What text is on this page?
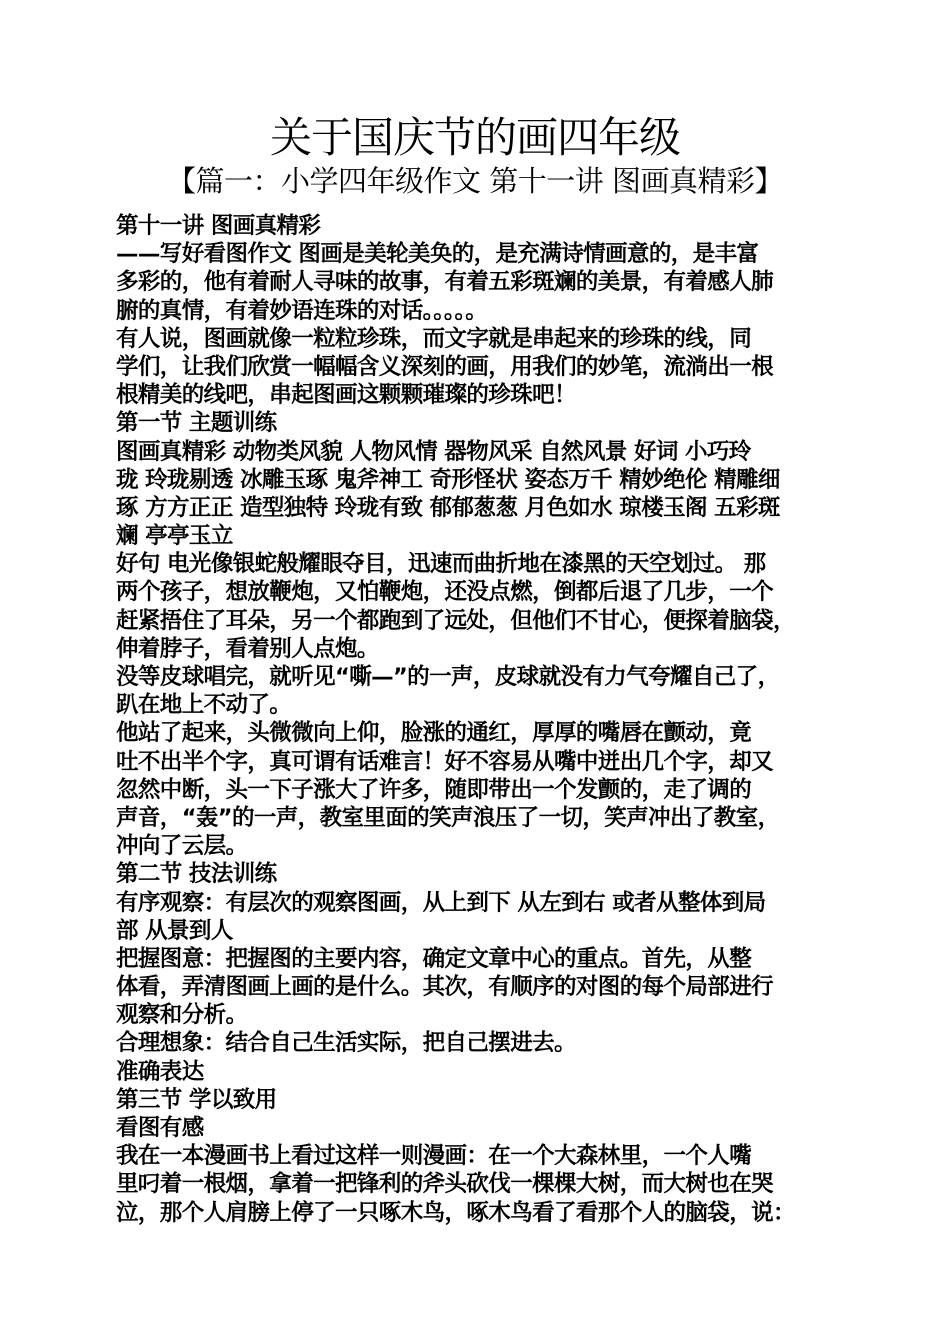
关于国庆节的画四年级
【篇一：小学四年级作文 第十一讲 图画真精彩】
第十一讲 图画真精彩
——写好看图作文 图画是美轮美奂的，是充满诗情画意的，是丰富
多彩的，他有着耐人寻味的故事，有着五彩斑斓的美景，有着感人肺
腑的真情，有着妙语连珠的对话。。。。。
有人说，图画就像一粒粒珍珠，而文字就是串起来的珍珠的线，同
学们，让我们欣赏一幅幅含义深刻的画，用我们的妙笔，流淌出一根
根精美的线吧，串起图画这颗颗璀璨的珍珠吧！
第一节 主题训练
图画真精彩 动物类风貌 人物风情 器物风采 自然风景 好词 小巧玲
珑 玲珑剔透 冰雕玉琢 鬼斧神工 奇形怪状 姿态万千 精妙绝伦 精雕细
琢 方方正正 造型独特 玲珑有致 郁郁葱葱 月色如水 琼楼玉阁 五彩斑
斓 亭亭玉立
好句 电光像银蛇般耀眼夺目，迅速而曲折地在漆黑的天空划过。 那
两个孩子，想放鞭炮，又怕鞭炮，还没点燃，倒都后退了几步，一个
赶紧捂住了耳朵，另一个都跑到了远处，但他们不甘心，便探着脑袋，
伸着脖子，看着别人点炮。
没等皮球唱完，就听见“嘶—”的一声，皮球就没有力气夸耀自己了，
趴在地上不动了。
他站了起来，头微微向上仰，脸涨的通红，厚厚的嘴唇在颤动，竟
吐不出半个字，真可谓有话难言！好不容易从嘴中迸出几个字，却又
忽然中断，头一下子涨大了许多，随即带出一个发颤的，走了调的
声音，“轰”的一声，教室里面的笑声浪压了一切，笑声冲出了教室，
冲向了云层。
第二节 技法训练
有序观察：有层次的观察图画，从上到下 从左到右 或者从整体到局
部 从景到人
把握图意：把握图的主要内容，确定文章中心的重点。首先，从整
体看，弄清图画上画的是什么。其次，有顺序的对图的每个局部进行
观察和分析。
合理想象：结合自己生活实际，把自己摆进去。
准确表达
第三节 学以致用
看图有感
我在一本漫画书上看过这样一则漫画：在一个大森林里，一个人嘴
里叼着一根烟，拿着一把锋利的斧头砍伐一棵棵大树，而大树也在哭
泣，那个人肩膀上停了一只啄木鸟，啄木鸟看了看那个人的脑袋，说：
